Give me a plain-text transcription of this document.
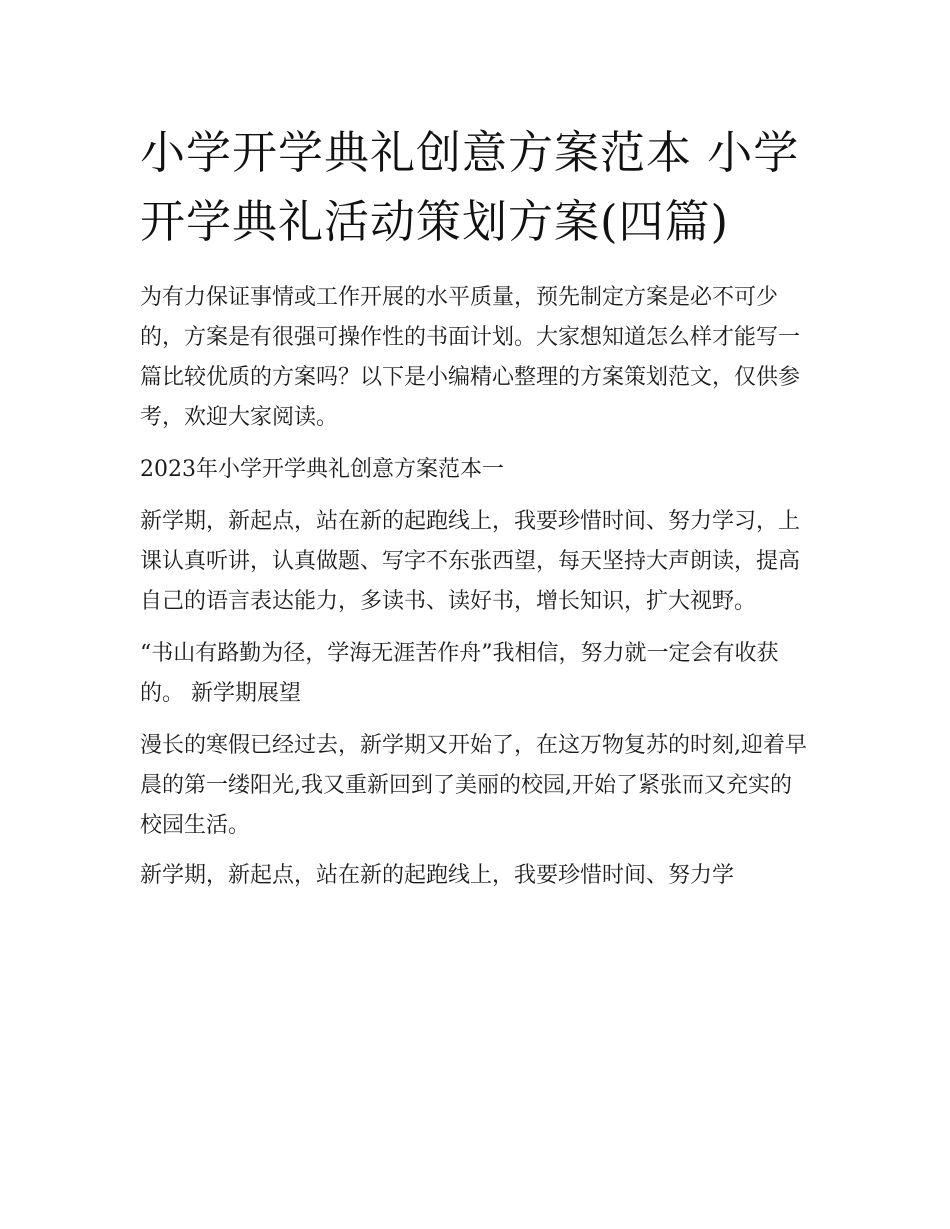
小学开学典礼创意方案范本 小学开学典礼活动策划方案(四篇)

为有力保证事情或工作开展的水平质量，预先制定方案是必不可少的，方案是有很强可操作性的书面计划。大家想知道怎么样才能写一篇比较优质的方案吗？以下是小编精心整理的方案策划范文，仅供参考，欢迎大家阅读。

2023年小学开学典礼创意方案范本一

新学期，新起点，站在新的起跑线上，我要珍惜时间、努力学习，上课认真听讲，认真做题、写字不东张西望，每天坚持大声朗读，提高自己的语言表达能力，多读书、读好书，增长知识，扩大视野。

“书山有路勤为径，学海无涯苦作舟”我相信，努力就一定会有收获的。 新学期展望

漫长的寒假已经过去，新学期又开始了，在这万物复苏的时刻,迎着早晨的第一缕阳光,我又重新回到了美丽的校园,开始了紧张而又充实的校园生活。

新学期，新起点，站在新的起跑线上，我要珍惜时间、努力学
